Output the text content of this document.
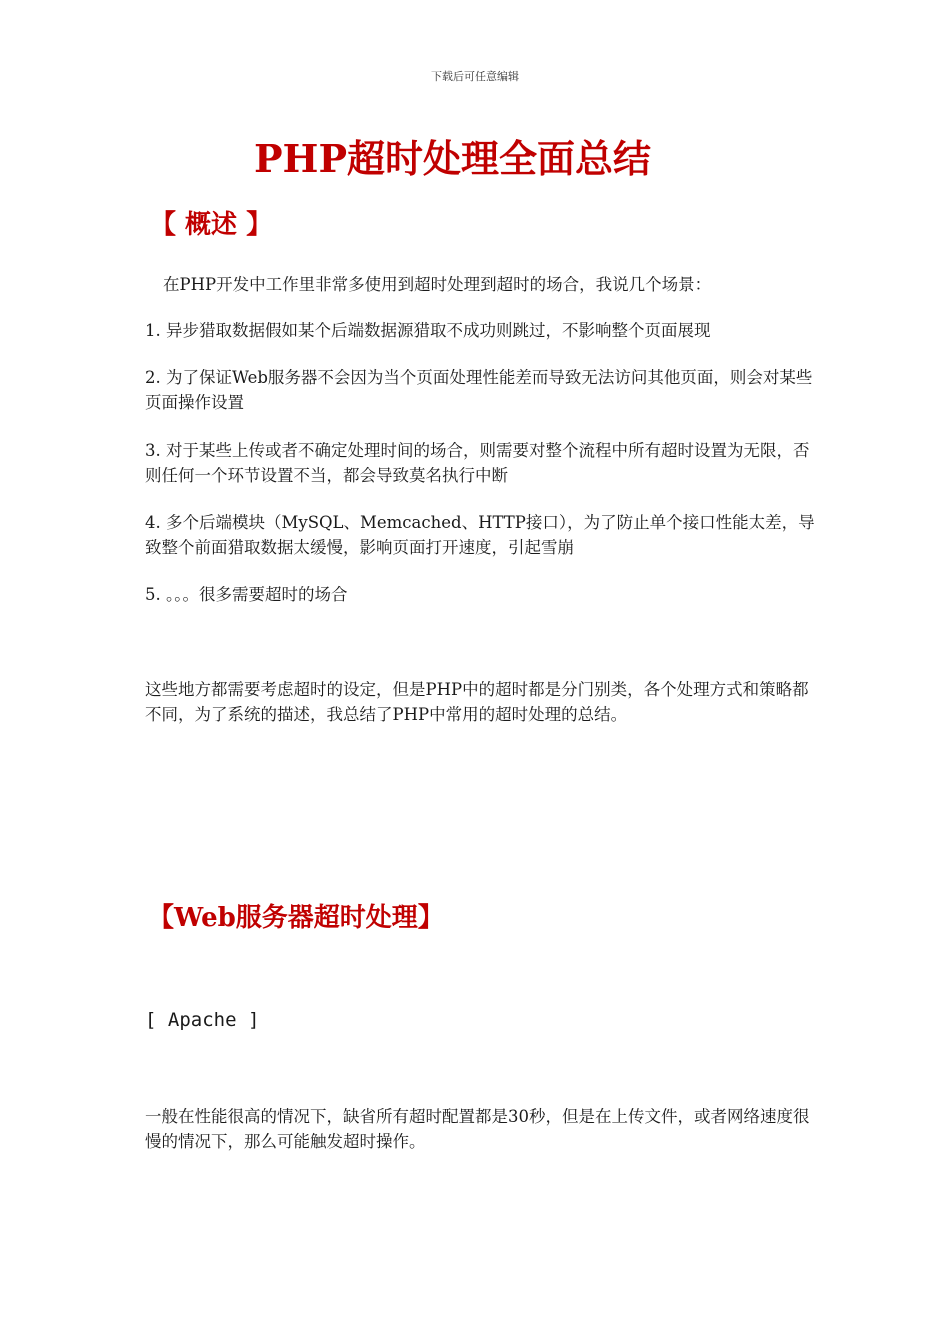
下载后可任意编辑
PHP超时处理全面总结
【 概述 】
在PHP开发中工作里非常多使用到超时处理到超时的场合，我说几个场景：
1. 异步猎取数据假如某个后端数据源猎取不成功则跳过，不影响整个页面展现
2. 为了保证Web服务器不会因为当个页面处理性能差而导致无法访问其他页面，则会对某些页面操作设置
3. 对于某些上传或者不确定处理时间的场合，则需要对整个流程中所有超时设置为无限，否则任何一个环节设置不当，都会导致莫名执行中断
4. 多个后端模块（MySQL、Memcached、HTTP接口），为了防止单个接口性能太差，导致整个前面猎取数据太缓慢，影响页面打开速度，引起雪崩
5. 。。。很多需要超时的场合
这些地方都需要考虑超时的设定，但是PHP中的超时都是分门别类，各个处理方式和策略都不同，为了系统的描述，我总结了PHP中常用的超时处理的总结。
【Web服务器超时处理】
[ Apache ]
一般在性能很高的情况下，缺省所有超时配置都是30秒，但是在上传文件，或者网络速度很慢的情况下，那么可能触发超时操作。
